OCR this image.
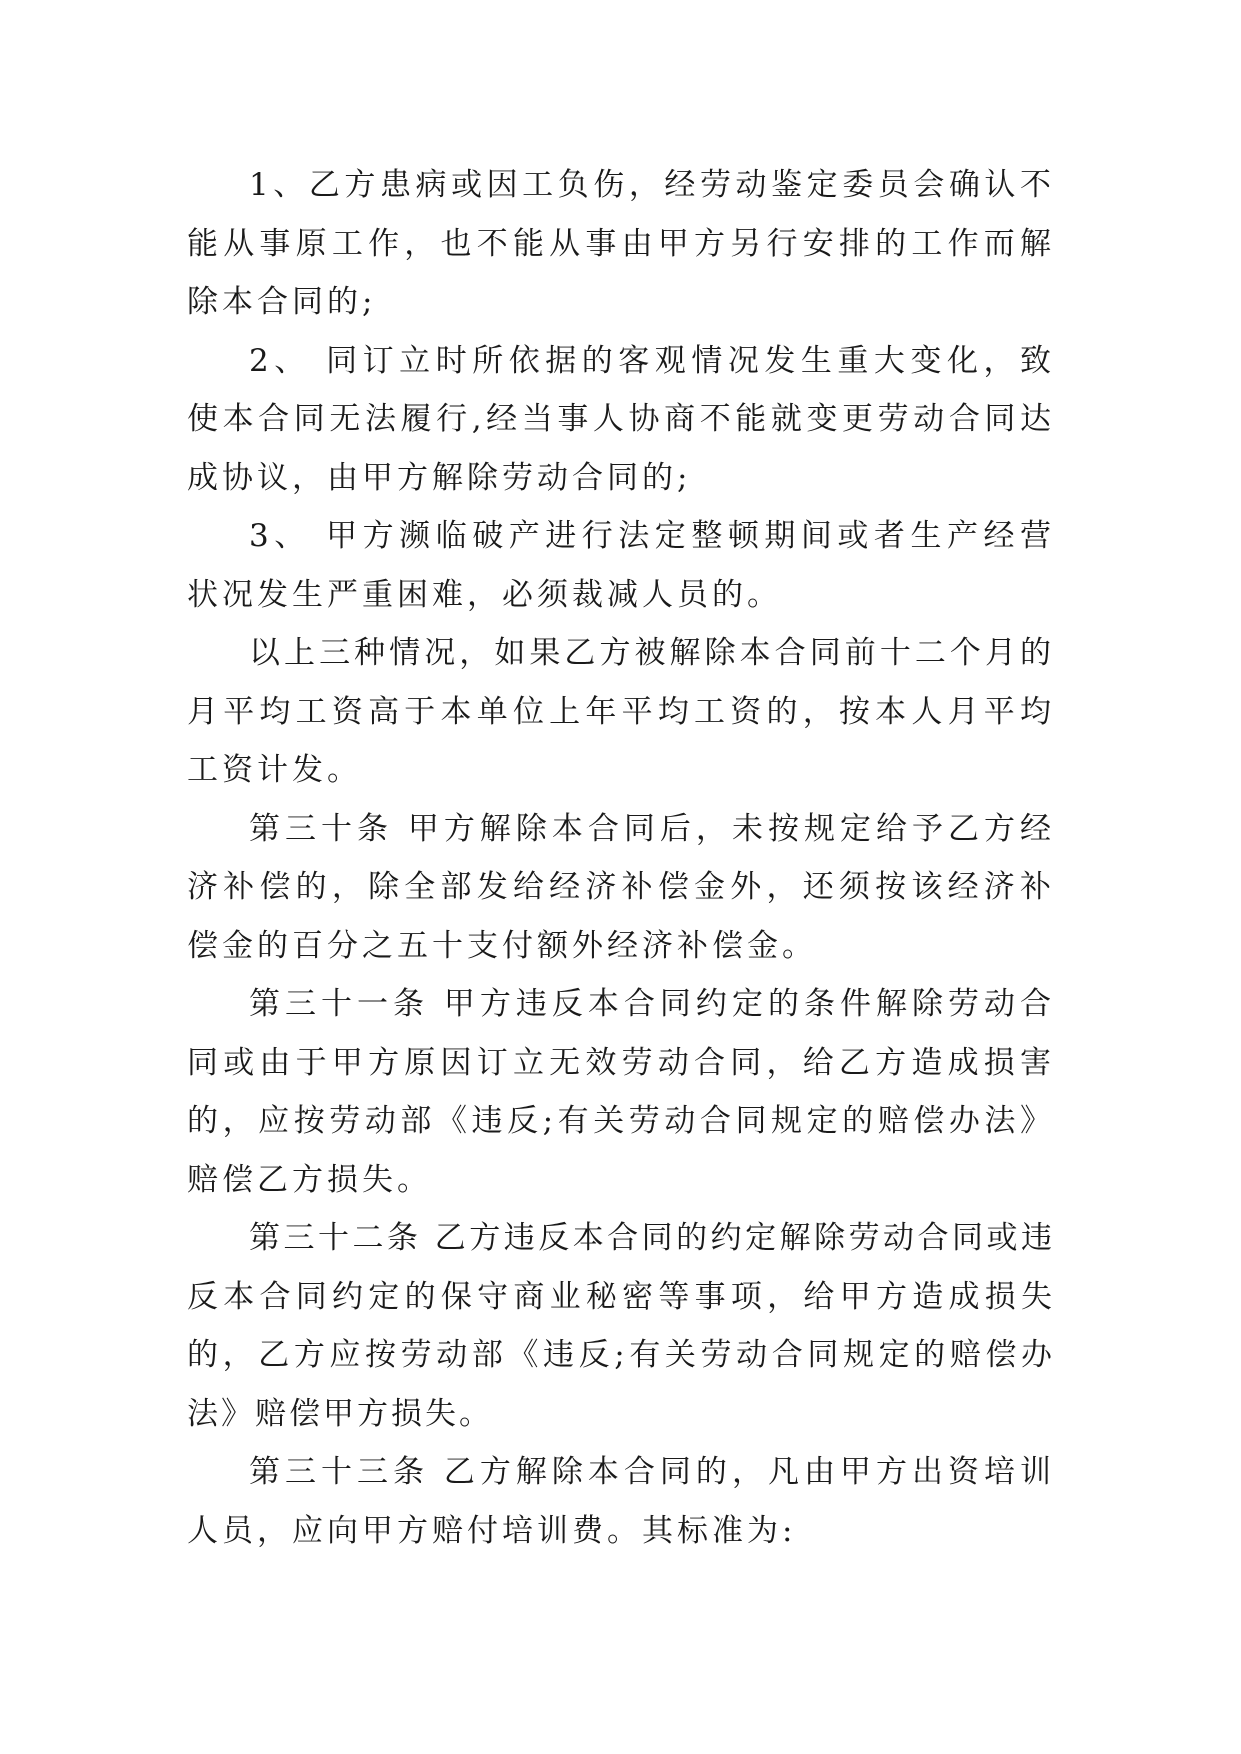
1、乙方患病或因工负伤，经劳动鉴定委员会确认不能从事原工作，也不能从事由甲方另行安排的工作而解除本合同的;

2、 同订立时所依据的客观情况发生重大变化，致使本合同无法履行,经当事人协商不能就变更劳动合同达成协议，由甲方解除劳动合同的;

3、 甲方濒临破产进行法定整顿期间或者生产经营状况发生严重困难，必须裁减人员的。

以上三种情况，如果乙方被解除本合同前十二个月的月平均工资高于本单位上年平均工资的，按本人月平均工资计发。

第三十条 甲方解除本合同后，未按规定给予乙方经济补偿的，除全部发给经济补偿金外，还须按该经济补偿金的百分之五十支付额外经济补偿金。

第三十一条 甲方违反本合同约定的条件解除劳动合同或由于甲方原因订立无效劳动合同，给乙方造成损害的，应按劳动部《违反;有关劳动合同规定的赔偿办法》赔偿乙方损失。

第三十二条 乙方违反本合同的约定解除劳动合同或违反本合同约定的保守商业秘密等事项，给甲方造成损失的，乙方应按劳动部《违反;有关劳动合同规定的赔偿办法》赔偿甲方损失。

第三十三条 乙方解除本合同的，凡由甲方出资培训人员，应向甲方赔付培训费。其标准为:
